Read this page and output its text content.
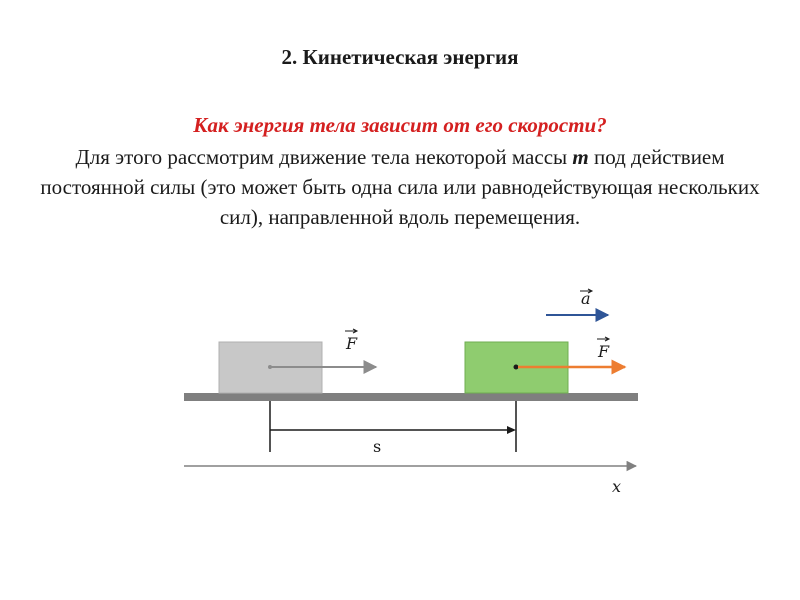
2. Кинетическая энергия
Как энергия тела зависит от его скорости?
Для этого рассмотрим движение тела некоторой массы m под действием постоянной силы (это может быть одна сила или равнодействующая нескольких сил), направленной вдоль перемещения.
F	F
a
s
x
